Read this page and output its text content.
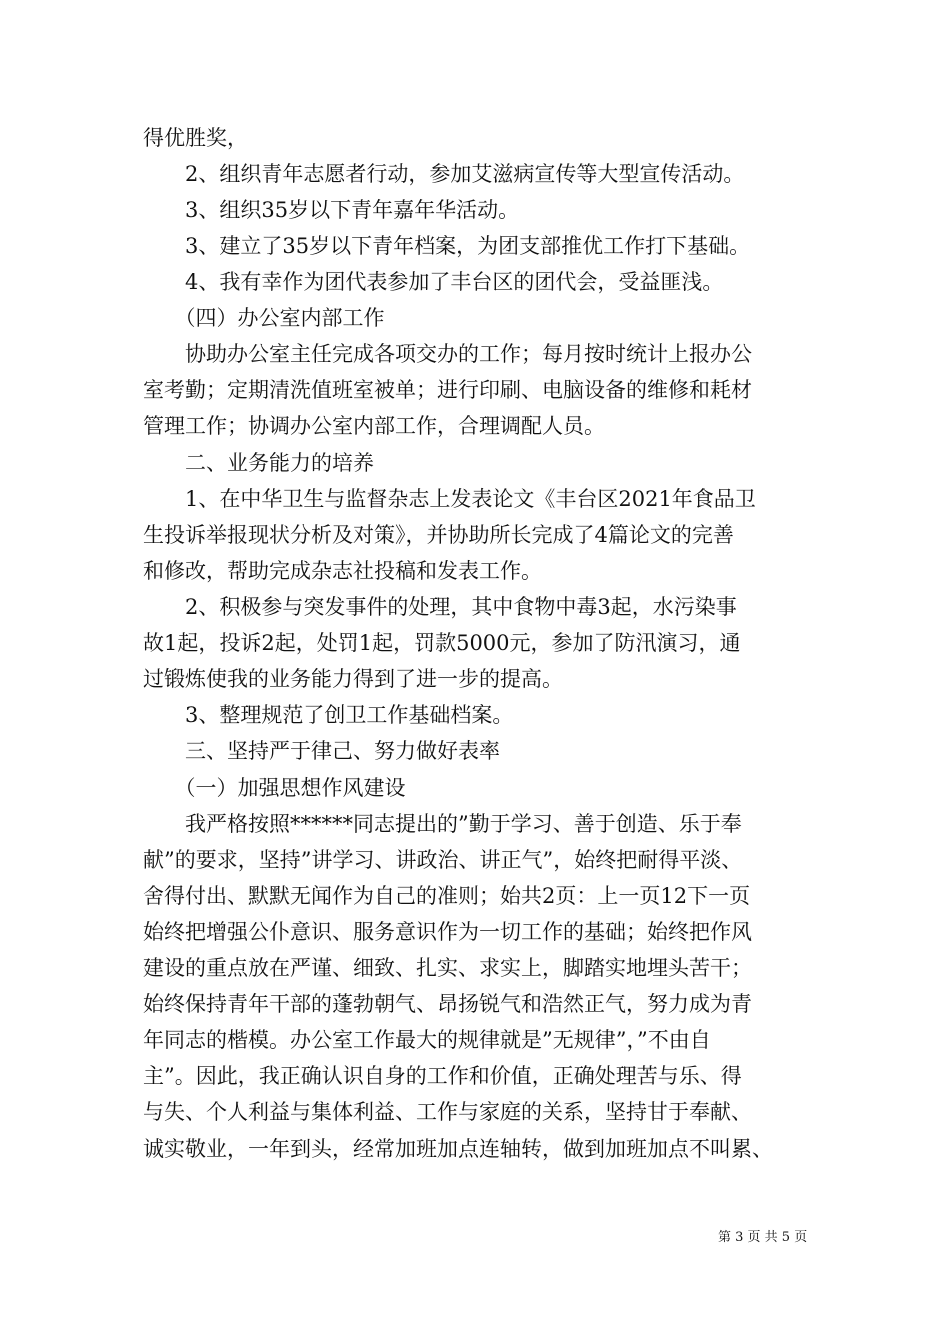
得优胜奖，
　　2、组织青年志愿者行动，参加艾滋病宣传等大型宣传活动。
　　3、组织35岁以下青年嘉年华活动。
　　3、建立了35岁以下青年档案，为团支部推优工作打下基础。
　　4、我有幸作为团代表参加了丰台区的团代会，受益匪浅。
　　（四）办公室内部工作
　　协助办公室主任完成各项交办的工作；每月按时统计上报办公
室考勤；定期清洗值班室被单；进行印刷、电脑设备的维修和耗材
管理工作；协调办公室内部工作，合理调配人员。
　　二、业务能力的培养
　　1、在中华卫生与监督杂志上发表论文《丰台区2021年食品卫
生投诉举报现状分析及对策》，并协助所长完成了4篇论文的完善
和修改，帮助完成杂志社投稿和发表工作。
　　2、积极参与突发事件的处理，其中食物中毒3起，水污染事
故1起，投诉2起，处罚1起，罚款5000元，参加了防汛演习，通
过锻炼使我的业务能力得到了进一步的提高。
　　3、整理规范了创卫工作基础档案。
　　三、坚持严于律己、努力做好表率
　　（一）加强思想作风建设
　　我严格按照******同志提出的”勤于学习、善于创造、乐于奉
献”的要求，坚持”讲学习、讲政治、讲正气”，始终把耐得平淡、
舍得付出、默默无闻作为自己的准则；始共2页：上一页12下一页
始终把增强公仆意识、服务意识作为一切工作的基础；始终把作风
建设的重点放在严谨、细致、扎实、求实上，脚踏实地埋头苦干；
始终保持青年干部的蓬勃朝气、昂扬锐气和浩然正气，努力成为青
年同志的楷模。办公室工作最大的规律就是”无规律”，”不由自
主”。因此，我正确认识自身的工作和价值，正确处理苦与乐、得
与失、个人利益与集体利益、工作与家庭的关系，坚持甘于奉献、
诚实敬业，一年到头，经常加班加点连轴转，做到加班加点不叫累、
第 3 页 共 5 页
